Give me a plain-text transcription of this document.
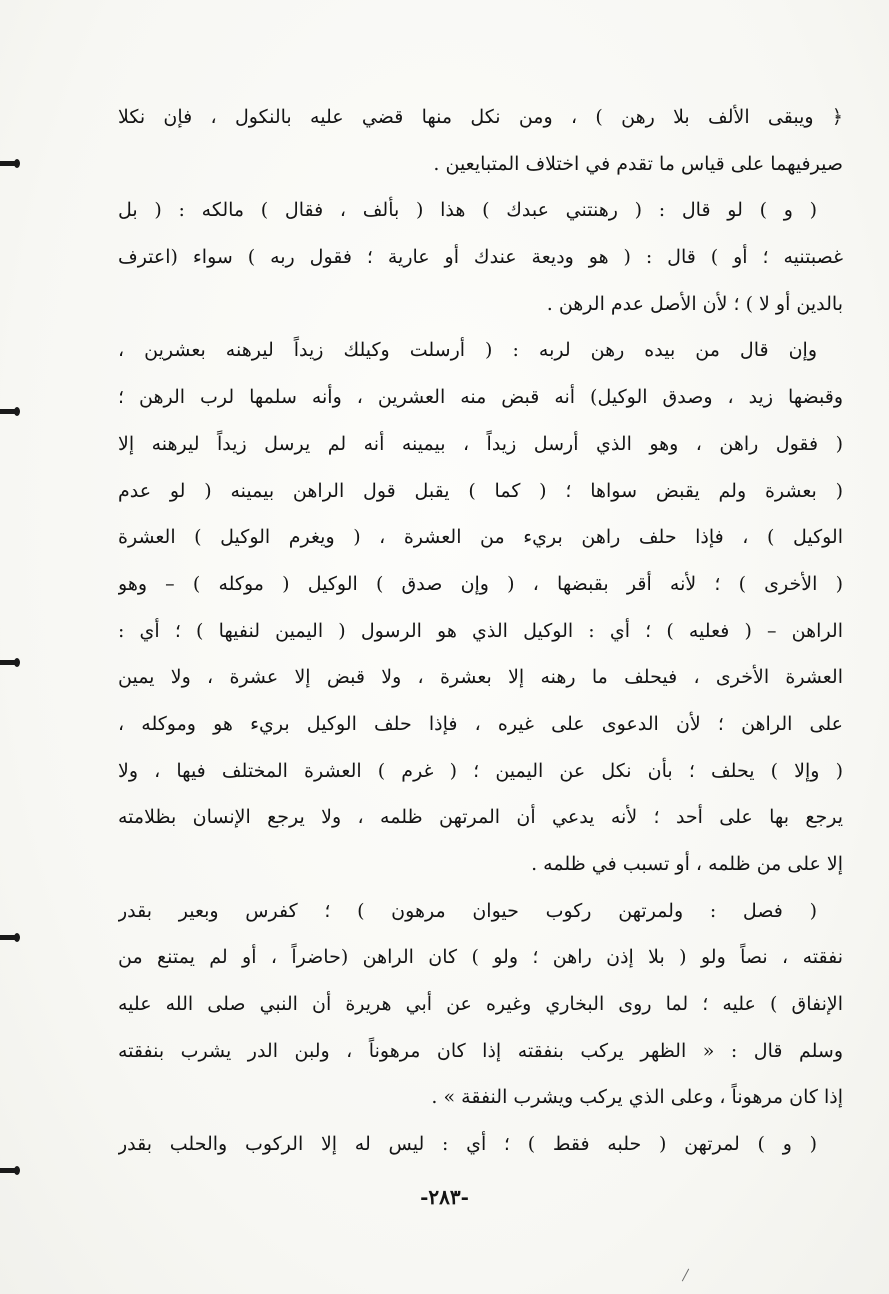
﴿ ويبقى الألف بلا رهن ) ، ومن نكل منها قضي عليه بالنكول ، فإن نكلا
صيرفيهما على قياس ما تقدم في اختلاف المتبايعين .
( و ) لو قال : ( رهنتني عبدك ) هذا ( بألف ، فقال ) مالكه : ( بل
غصبتنيه ؛ أو ) قال : ( هو وديعة عندك أو عارية ؛ فقول ربه ) سواء (اعترف
بالدين أو لا ) ؛ لأن الأصل عدم الرهن .
وإن قال من بيده رهن لربه : ( أرسلت وكيلك زيداً ليرهنه بعشرين ،
وقبضها زيد ، وصدق الوكيل) أنه قبض منه العشرين ، وأنه سلمها لرب الرهن ؛
( فقول راهن ، وهو الذي أرسل زيداً ، بيمينه أنه لم يرسل زيداً ليرهنه إلا
( بعشرة ولم يقبض سواها ؛ ( كما ) يقبل قول الراهن بيمينه ( لو عدم
الوكيل ) ، فإذا حلف راهن بريء من العشرة ، ( ويغرم الوكيل ) العشرة
( الأخرى ) ؛ لأنه أقر بقبضها ، ( وإن صدق ) الوكيل ( موكله ) – وهو
الراهن – ( فعليه ) ؛ أي : الوكيل الذي هو الرسول ( اليمين لنفيها ) ؛ أي :
العشرة الأخرى ، فيحلف ما رهنه إلا بعشرة ، ولا قبض إلا عشرة ، ولا يمين
على الراهن ؛ لأن الدعوى على غيره ، فإذا حلف الوكيل بريء هو وموكله ،
( وإلا ) يحلف ؛ بأن نكل عن اليمين ؛ ( غرم ) العشرة المختلف فيها ، ولا
يرجع بها على أحد ؛ لأنه يدعي أن المرتهن ظلمه ، ولا يرجع الإنسان بظلامته
إلا على من ظلمه ، أو تسبب في ظلمه .
( فصل : ولمرتهن ركوب حيوان مرهون ) ؛ كفرس وبعير بقدر
نفقته ، نصاً ولو ( بلا إذن راهن ؛ ولو ) كان الراهن (حاضراً ، أو لم يمتنع من
الإنفاق ) عليه ؛ لما روى البخاري وغيره عن أبي هريرة أن النبي صلى الله عليه
وسلم قال : « الظهر يركب بنفقته إذا كان مرهوناً ، ولبن الدر يشرب بنفقته
إذا كان مرهوناً ، وعلى الذي يركب ويشرب النفقة » .
( و ) لمرتهن ( حلبه فقط ) ؛ أي : ليس له إلا الركوب والحلب بقدر
-٢٨٣-
